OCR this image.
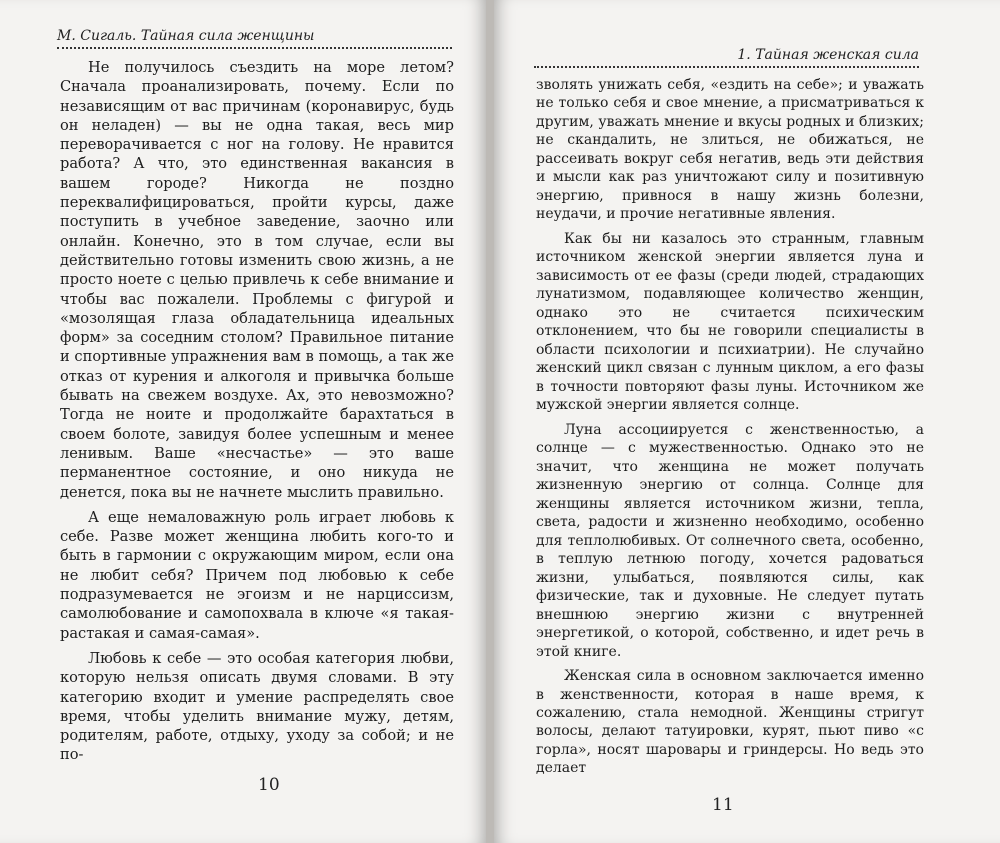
М. Сигаль. Тайная сила женщины

Не получилось съездить на море летом? Сначала проанализировать, почему. Если по независящим от вас причинам (коронавирус, будь он неладен) — вы не одна такая, весь мир переворачивается с ног на голову. Не нравится работа? А что, это единственная вакансия в вашем городе? Никогда не поздно переквалифицироваться, пройти курсы, даже поступить в учебное заведение, заочно или онлайн. Конечно, это в том случае, если вы действительно готовы изменить свою жизнь, а не просто ноете с целью привлечь к себе внимание и чтобы вас пожалели. Проблемы с фигурой и «мозолящая глаза обладательница идеальных форм» за соседним столом? Правильное питание и спортивные упражнения вам в помощь, а так же отказ от курения и алкоголя и привычка больше бывать на свежем воздухе. Ах, это невозможно? Тогда не ноите и продолжайте барахтаться в своем болоте, завидуя более успешным и менее ленивым. Ваше «несчастье» — это ваше перманентное состояние, и оно никуда не денется, пока вы не начнете мыслить правильно.

А еще немаловажную роль играет любовь к себе. Разве может женщина любить кого-то и быть в гармонии с окружающим миром, если она не любит себя? Причем под любовью к себе подразумевается не эгоизм и не нарциссизм, самолюбование и самопохвала в ключе «я такая-растакая и самая-самая».

Любовь к себе — это особая категория любви, которую нельзя описать двумя словами. В эту категорию входит и умение распределять свое время, чтобы уделить внимание мужу, детям, родителям, работе, отдыху, уходу за собой; и не по-

10
1. Тайная женская сила

зволять унижать себя, «ездить на себе»; и уважать не только себя и свое мнение, а присматриваться к другим, уважать мнение и вкусы родных и близких; не скандалить, не злиться, не обижаться, не рассеивать вокруг себя негатив, ведь эти действия и мысли как раз уничтожают силу и позитивную энергию, привнося в нашу жизнь болезни, неудачи, и прочие негативные явления.

Как бы ни казалось это странным, главным источником женской энергии является луна и зависимость от ее фазы (среди людей, страдающих лунатизмом, подавляющее количество женщин, однако это не считается психическим отклонением, что бы не говорили специалисты в области психологии и психиатрии). Не случайно женский цикл связан с лунным циклом, а его фазы в точности повторяют фазы луны. Источником же мужской энергии является солнце.

Луна ассоциируется с женственностью, а солнце — с мужественностью. Однако это не значит, что женщина не может получать жизненную энергию от солнца. Солнце для женщины является источником жизни, тепла, света, радости и жизненно необходимо, особенно для теплолюбивых. От солнечного света, особенно, в теплую летнюю погоду, хочется радоваться жизни, улыбаться, появляются силы, как физические, так и духовные. Не следует путать внешнюю энергию жизни с внутренней энергетикой, о которой, собственно, и идет речь в этой книге.

Женская сила в основном заключается именно в женственности, которая в наше время, к сожалению, стала немодной. Женщины стригут волосы, делают татуировки, курят, пьют пиво «с горла», носят шаровары и гриндерсы. Но ведь это делает

11
